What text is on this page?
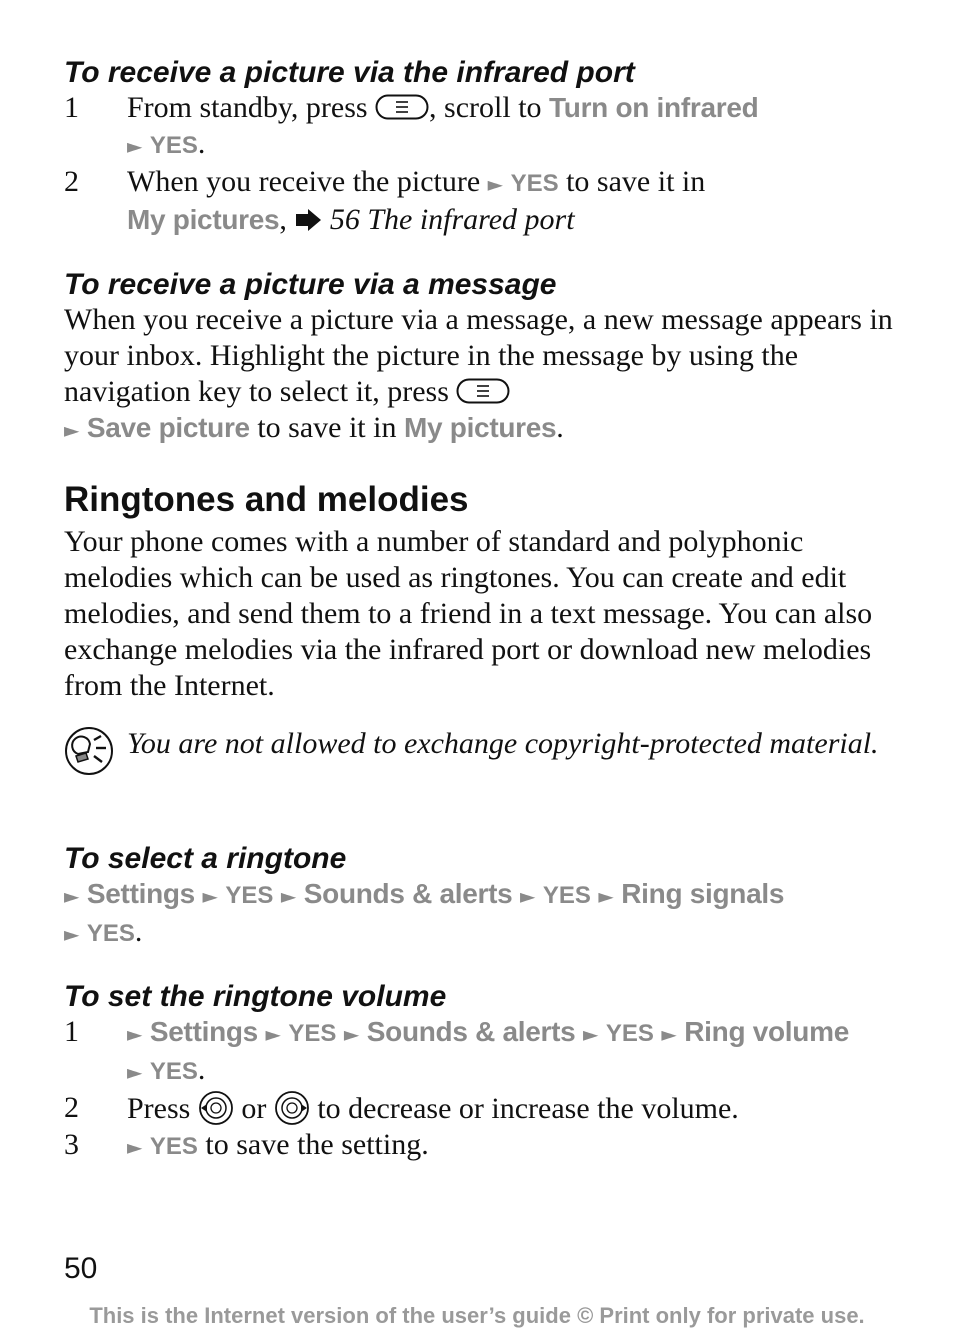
To receive a picture via the infrared port
1 From standby, press , scroll to Turn on infrared
► YES.
2 When you receive the picture ► YES to save it in
My pictures, 56 The infrared port
To receive a picture via a message

When you receive a picture via a message, a new message appears in your inbox. Highlight the picture in the message by using the navigation key to select it, press
► Save picture to save it in My pictures.

Ringtones and melodies

Your phone comes with a number of standard and polyphonic melodies which can be used as ringtones. You can create and edit melodies, and send them to a friend in a text message. You can also exchange melodies via the infrared port or download new melodies from the Internet.

You are not allowed to exchange copyright-protected material.
To select a ringtone

► Settings ► YES ► Sounds & alerts ► YES ► Ring signals
► YES.

To set the ringtone volume
1 ► Settings ► YES ► Sounds & alerts ► YES ► Ring volume
► YES.
2 Press or to decrease or increase the volume.
3 ► YES to save the setting.
50
This is the Internet version of the user’s guide © Print only for private use.
